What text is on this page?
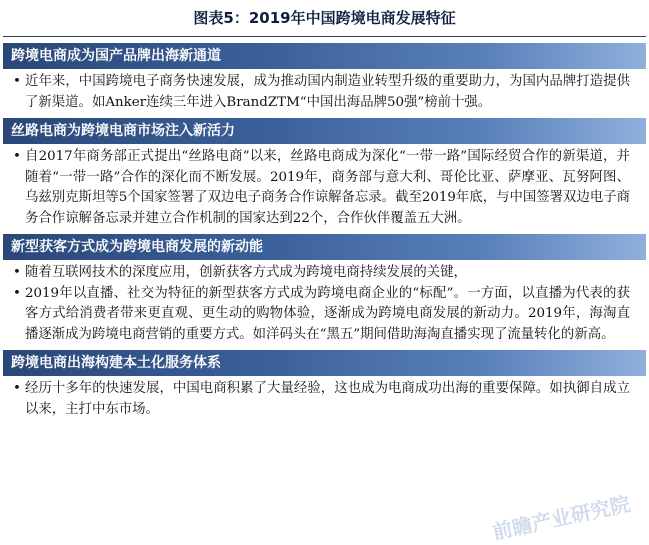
图表5：2019年中国跨境电商发展特征
跨境电商成为国产品牌出海新通道
• 近年来，中国跨境电子商务快速发展，成为推动国内制造业转型升级的重要助力，为国内品牌打造提供了新渠道。如Anker连续三年进入BrandZTM“中国出海品牌50强”榜前十强。
丝路电商为跨境电商市场注入新活力
• 自2017年商务部正式提出“丝路电商”以来，丝路电商成为深化“一带一路”国际经贸合作的新渠道，并随着“一带一路”合作的深化而不断发展。2019年，商务部与意大利、哥伦比亚、萨摩亚、瓦努阿图、乌兹别克斯坦等5个国家签署了双边电子商务合作谅解备忘录。截至2019年底，与中国签署双边电子商务合作谅解备忘录并建立合作机制的国家达到22个，合作伙伴覆盖五大洲。
新型获客方式成为跨境电商发展的新动能
• 随着互联网技术的深度应用，创新获客方式成为跨境电商持续发展的关键，
• 2019年以直播、社交为特征的新型获客方式成为跨境电商企业的“标配”。一方面，以直播为代表的获客方式给消费者带来更直观、更生动的购物体验，逐渐成为跨境电商发展的新动力。2019年，海淘直播逐渐成为跨境电商营销的重要方式。如洋码头在“黑五”期间借助海淘直播实现了流量转化的新高。
跨境电商出海构建本土化服务体系
• 经历十多年的快速发展，中国电商积累了大量经验，这也成为电商成功出海的重要保障。如执御自成立以来，主打中东市场。
前瞻产业研究院
